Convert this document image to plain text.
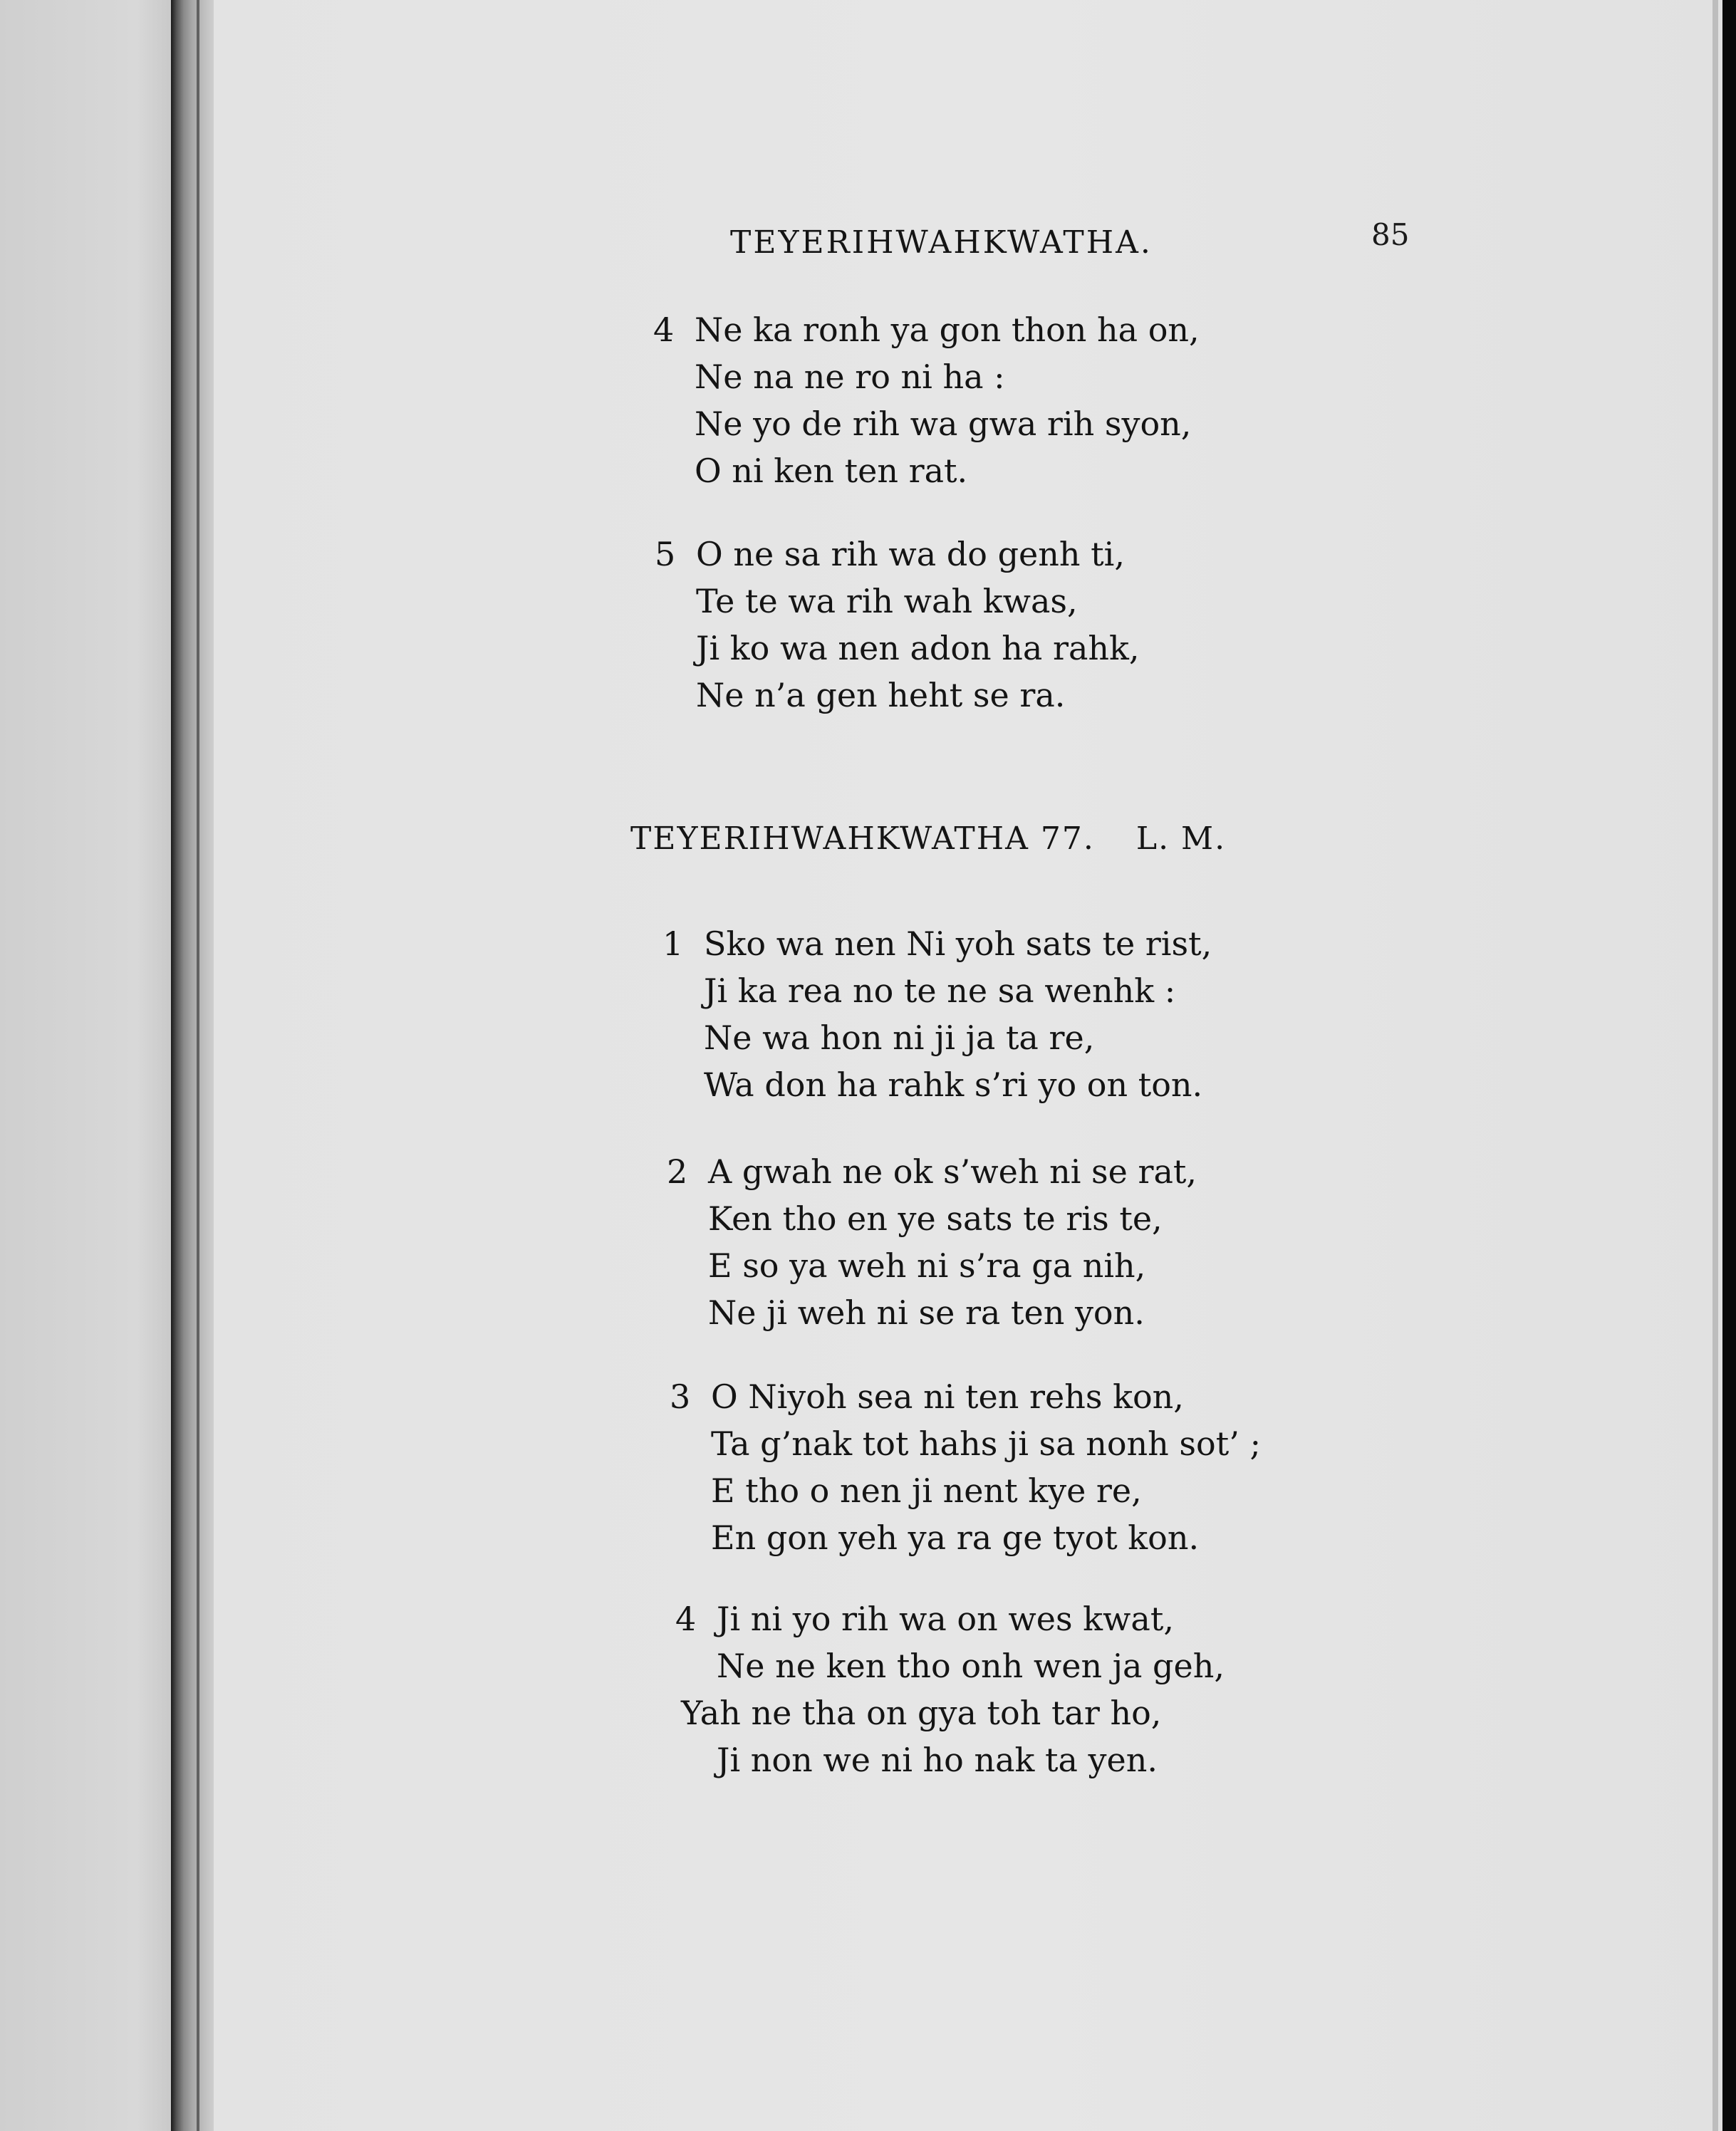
TEYERIHWAHKWATHA.	85
4 Ne ka ronh ya gon thon ha on,
Ne na ne ro ni ha :
Ne yo de rih wa gwa rih syon,
O ni ken ten rat.
5 O ne sa rih wa do genh ti,
Te te wa rih wah kwas,
Ji ko wa nen adon ha rahk,
Ne n’a gen heht se ra.
TEYERIHWAHKWATHA 77. L. M.
1 Sko wa nen Ni yoh sats te rist,
Ji ka rea no te ne sa wenhk :
Ne wa hon ni ji ja ta re,
Wa don ha rahk s’ri yo on ton.
2 A gwah ne ok s’weh ni se rat,
Ken tho en ye sats te ris te,
E so ya weh ni s’ra ga nih,
Ne ji weh ni se ra ten yon.
3 O Niyoh sea ni ten rehs kon,
Ta g’nak tot hahs ji sa nonh sot’ ;
E tho o nen ji nent kye re,
En gon yeh ya ra ge tyot kon.
4 Ji ni yo rih wa on wes kwat,
Ne ne ken tho onh wen ja geh,
Yah ne tha on gya toh tar ho,
Ji non we ni ho nak ta yen.
